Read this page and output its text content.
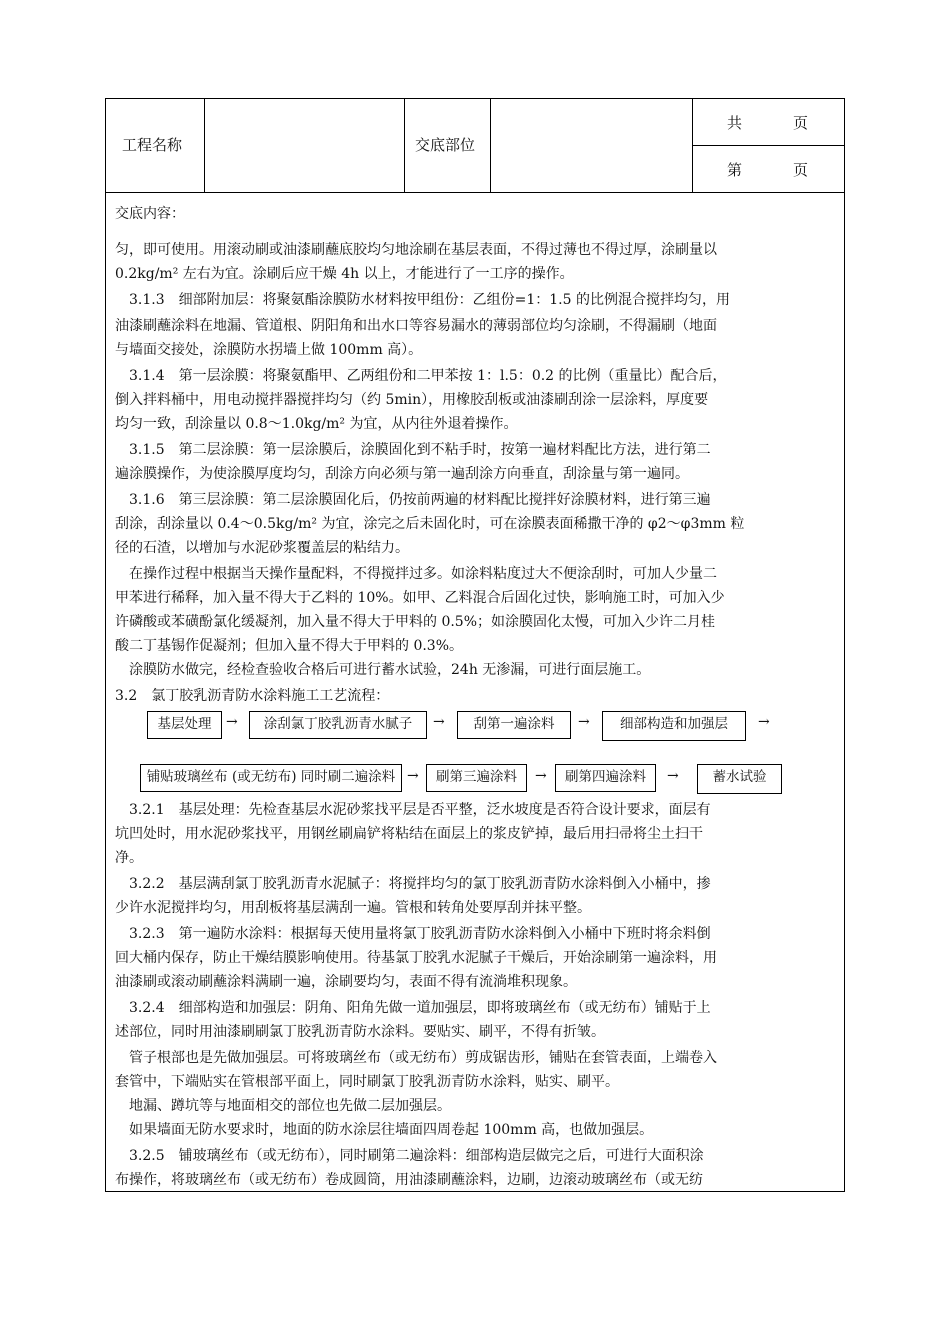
工程名称	交底部位
共	页
第	页
交底内容：
匀，即可使用。用滚动刷或油漆刷蘸底胶均匀地涂刷在基层表面，不得过薄也不得过厚，涂刷量以
0.2kg/m² 左右为宜。涂刷后应干燥 4h 以上，才能进行了一工序的操作。
　3.1.3　细部附加层：将聚氨酯涂膜防水材料按甲组份：乙组份=1：1.5 的比例混合搅拌均匀，用
油漆刷蘸涂料在地漏、管道根、阴阳角和出水口等容易漏水的薄弱部位均匀涂刷，不得漏刷（地面
与墙面交接处，涂膜防水拐墙上做 100mm 高）。
　3.1.4　第一层涂膜：将聚氨酯甲、乙两组份和二甲苯按 1：l.5：0.2 的比例（重量比）配合后，
倒入拌料桶中，用电动搅拌器搅拌均匀（约 5min），用橡胶刮板或油漆刷刮涂一层涂料，厚度要
均匀一致，刮涂量以 0.8～1.0kg/m² 为宜，从内往外退着操作。
　3.1.5　第二层涂膜：第一层涂膜后，涂膜固化到不粘手时，按第一遍材料配比方法，进行第二
遍涂膜操作，为使涂膜厚度均匀，刮涂方向必须与第一遍刮涂方向垂直，刮涂量与第一遍同。
　3.1.6　第三层涂膜：第二层涂膜固化后，仍按前两遍的材料配比搅拌好涂膜材料，进行第三遍
刮涂，刮涂量以 0.4～0.5kg/m² 为宜，涂完之后未固化时，可在涂膜表面稀撒干净的 φ2～φ3mm 粒
径的石渣，以增加与水泥砂浆覆盖层的粘结力。
　在操作过程中根据当天操作量配料，不得搅拌过多。如涂料粘度过大不便涂刮时，可加人少量二
甲苯进行稀释，加入量不得大于乙料的 10%。如甲、乙料混合后固化过快，影响施工时，可加入少
许磷酸或苯磺酚氯化缓凝剂，加入量不得大于甲料的 0.5%；如涂膜固化太慢，可加入少许二月桂
酸二丁基锡作促凝剂；但加入量不得大于甲料的 0.3%。
　涂膜防水做完，经检查验收合格后可进行蓄水试验，24h 无渗漏，可进行面层施工。
3.2　氯丁胶乳沥青防水涂料施工工艺流程：
　3.2.1　基层处理：先检查基层水泥砂浆找平层是否平整，泛水坡度是否符合设计要求，面层有
坑凹处时，用水泥砂浆找平，用钢丝刷扁铲将粘结在面层上的浆皮铲掉，最后用扫帚将尘土扫干
净。
　3.2.2　基层满刮氯丁胶乳沥青水泥腻子：将搅拌均匀的氯丁胶乳沥青防水涂料倒入小桶中，掺
少许水泥搅拌均匀，用刮板将基层满刮一遍。管根和转角处要厚刮并抹平整。
　3.2.3　第一遍防水涂料：根据每天使用量将氯丁胶乳沥青防水涂料倒入小桶中下班时将余料倒
回大桶内保存，防止干燥结膜影响使用。待基氯丁胶乳水泥腻子干燥后，开始涂刷第一遍涂料，用
油漆刷或滚动刷蘸涂料满刷一遍，涂刷要均匀，表面不得有流淌堆积现象。
　3.2.4　细部构造和加强层：阴角、阳角先做一道加强层，即将玻璃丝布（或无纺布）铺贴于上
述部位，同时用油漆刷刷氯丁胶乳沥青防水涂料。要贴实、刷平，不得有折皱。
　管子根部也是先做加强层。可将玻璃丝布（或无纺布）剪成锯齿形，铺贴在套管表面，上端卷入
套管中，下端贴实在管根部平面上，同时刷氯丁胶乳沥青防水涂料，贴实、刷平。
　地漏、蹲坑等与地面相交的部位也先做二层加强层。
　如果墙面无防水要求时，地面的防水涂层往墙面四周卷起 100mm 高，也做加强层。
　3.2.5　铺玻璃丝布（或无纺布），同时刷第二遍涂料：细部构造层做完之后，可进行大面积涂
布操作，将玻璃丝布（或无纺布）卷成圆筒，用油漆刷蘸涂料，边刷，边滚动玻璃丝布（或无纺
基层处理	→	涂刮氯丁胶乳沥青水腻子	→	刮第一遍涂料	→	细部构造和加强层	→
铺贴玻璃丝布 (或无纺布) 同时刷二遍涂料 →	刷第三遍涂料	→	刷第四遍涂料	→	蓄水试验
